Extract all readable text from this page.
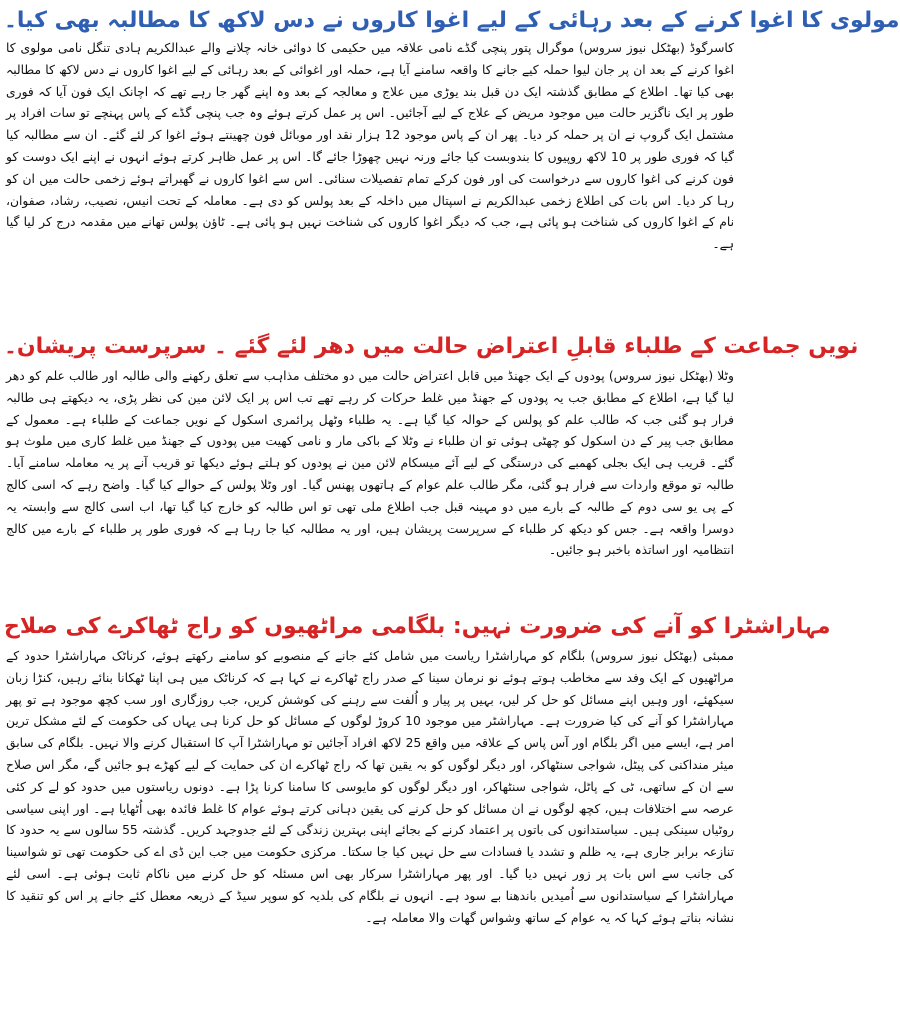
مولوی کا اغوا کرنے کے بعد رہائی کے لیے اغوا کاروں نے دس لاکھ کا مطالبہ بھی کیا۔
کاسرگوڈ (بھٹکل نیوز سروس) موگرال پتور پنچی گڈے نامی علاقہ میں حکیمی کا دوائی خانہ چلانے والے عبدالکریم ہادی تنگل نامی مولوی کا اغوا کرنے کے بعد ان پر جان لیوا حملہ کیے جانے کا واقعہ سامنے آیا ہے، حملہ اور اغوائی کے بعد رہائی کے لیے اغوا کاروں نے دس لاکھ کا مطالبہ بھی کیا تھا۔ اطلاع کے مطابق گذشتہ ایک دن قبل بند یوڑی میں علاج و معالجہ کے بعد وہ اپنے گھر جا رہے تھے کہ اچانک ایک فون آیا کہ فوری طور پر ایک ناگزیر حالت میں موجود مریض کے علاج کے لیے آجائیں۔ اس پر عمل کرتے ہوئے وہ جب پنچی گڈے کے پاس پہنچے تو سات افراد پر مشتمل ایک گروپ نے ان پر حملہ کر دیا۔ پھر ان کے پاس موجود 12 ہزار نقد اور موبائل فون چھینتے ہوئے اغوا کر لئے گئے۔ ان سے مطالبہ کیا گیا کہ فوری طور پر 10 لاکھ روپیوں کا بندوبست کیا جائے ورنہ نہیں چھوڑا جائے گا۔ اس پر عمل ظاہر کرتے ہوئے انہوں نے اپنے ایک دوست کو فون کرنے کی اغوا کاروں سے درخواست کی اور فون کرکے تمام تفصیلات سنائی۔ اس سے اغوا کاروں نے گھبراتے ہوئے زخمی حالت میں ان کو رہا کر دیا۔ اس بات کی اطلاع زخمی عبدالکریم نے اسپتال میں داخلہ کے بعد پولس کو دی ہے۔ معاملہ کے تحت انیس، نصیب، رشاد، صفوان، نام کے اغوا کاروں کی شناخت ہو پائی ہے، جب کہ دیگر اغوا کاروں کی شناخت نہیں ہو پائی ہے۔ ٹاؤن پولس تھانے میں مقدمہ درج کر لیا گیا ہے۔
نویں جماعت کے طلباء قابلِ اعتراض حالت میں دھر لئے گئے ۔ سرپرست پریشان۔
وٹلا (بھٹکل نیوز سروس) پودوں کے ایک جھنڈ میں قابل اعتراض حالت میں دو مختلف مذاہب سے تعلق رکھنے والی طالبہ اور طالب علم کو دھر لیا گیا ہے، اطلاع کے مطابق جب یہ پودوں کے جھنڈ میں غلط حرکات کر رہے تھے تب اس پر ایک لائن مین کی نظر پڑی، یہ دیکھتے ہی طالبہ فرار ہو گئی جب کہ طالب علم کو پولس کے حوالہ کیا گیا ہے۔ یہ طلباء وٹھل پرائمری اسکول کے نویں جماعت کے طلباء ہے۔ معمول کے مطابق جب پیر کے دن اسکول کو چھٹی ہوئی تو ان طلباء نے وٹلا کے باکی مار و نامی کھیت میں پودوں کے جھنڈ میں غلط کاری میں ملوث ہو گئے۔ قریب ہی ایک بجلی کھمبے کی درستگی کے لیے آئے میسکام لائن مین نے پودوں کو ہلتے ہوئے دیکھا تو قریب آنے پر یہ معاملہ سامنے آیا۔ طالبہ تو موقع واردات سے فرار ہو گئی، مگر طالب علم عوام کے ہاتھوں پھنس گیا۔ اور وٹلا پولس کے حوالے کیا گیا۔ واضح رہے کہ اسی کالج کے پی یو سی دوم کے طالبہ کے بارے میں دو مہینہ قبل جب اطلاع ملی تھی تو اس طالبہ کو خارج کیا گیا تھا، اب اسی کالج سے وابستہ یہ دوسرا واقعہ ہے۔ جس کو دیکھ کر طلباء کے سرپرست پریشان ہیں، اور یہ مطالبہ کیا جا رہا ہے کہ فوری طور پر طلباء کے بارے میں کالج انتظامیہ اور اساتذہ باخبر ہو جائیں۔
مہاراشٹرا کو آنے کی ضرورت نہیں: بلگامی مراٹھیوں کو راج ٹھاکرے کی صلاح
ممبئی (بھٹکل نیوز سروس) بلگام کو مہاراشٹرا ریاست میں شامل کئے جانے کے منصوبے کو سامنے رکھتے ہوئے، کرناٹک مہاراشٹرا حدود کے مراٹھیوں کے ایک وفد سے مخاطب ہوتے ہوئے نو نرمان سینا کے صدر راج ٹھاکرے نے کہا ہے کہ کرناٹک میں ہی اپنا ٹھکانا بنائے رہیں، کنڑا زبان سیکھئے، اور وہیں اپنے مسائل کو حل کر لیں، بہیں پر پیار و اُلفت سے رہنے کی کوشش کریں، جب روزگاری اور سب کچھ موجود ہے تو پھر مہاراشٹرا کو آنے کی کیا ضرورت ہے۔ مہاراشٹر میں موجود 10 کروڑ لوگوں کے مسائل کو حل کرنا ہی یہاں کی حکومت کے لئے مشکل ترین امر ہے، ایسے میں اگر بلگام اور آس پاس کے علاقہ میں واقع 25 لاکھ افراد آجائیں تو مہاراشٹرا آپ کا استقبال کرنے والا نہیں۔ بلگام کی سابق میئر منداکنی کی پیٹل، شواجی سنٹھاکر، اور دیگر لوگوں کو بہ یقین تھا کہ راج ٹھاکرے ان کی حمایت کے لیے کھڑے ہو جائیں گے، مگر اس صلاح سے ان کے ساتھی، ٹی کے پاٹل، شواجی سنٹھاکر، اور دیگر لوگوں کو مایوسی کا سامنا کرنا پڑا ہے۔ دونوں ریاستوں میں حدود کو لے کر کئی عرصہ سے اختلافات ہیں، کچھ لوگوں نے ان مسائل کو حل کرنے کی یقین دہانی کرتے ہوئے عوام کا غلط فائدہ بھی اُٹھایا ہے۔ اور اپنی سیاسی روٹیاں سینکی ہیں۔ سیاستدانوں کی باتوں پر اعتماد کرنے کے بجائے اپنی بہترین زندگی کے لئے جدوجہد کریں۔ گذشتہ 55 سالوں سے یہ حدود کا تنازعہ برابر جاری ہے، یہ ظلم و تشدد یا فسادات سے حل نہیں کیا جا سکتا۔ مرکزی حکومت میں جب این ڈی اے کی حکومت تھی تو شواسینا کی جانب سے اس بات پر زور نہیں دیا گیا۔ اور پھر مہاراشٹرا سرکار بھی اس مسئلہ کو حل کرنے میں ناکام ثابت ہوئی ہے۔ اسی لئے مہاراشٹرا کے سیاستدانوں سے اُمیدیں باندھنا بے سود ہے۔ انہوں نے بلگام کی بلدیہ کو سوپر سیڈ کے ذریعہ معطل کئے جانے پر اس کو تنقید کا نشانہ بناتے ہوئے کہا کہ یہ عوام کے ساتھ وشواس گھات والا معاملہ ہے۔
